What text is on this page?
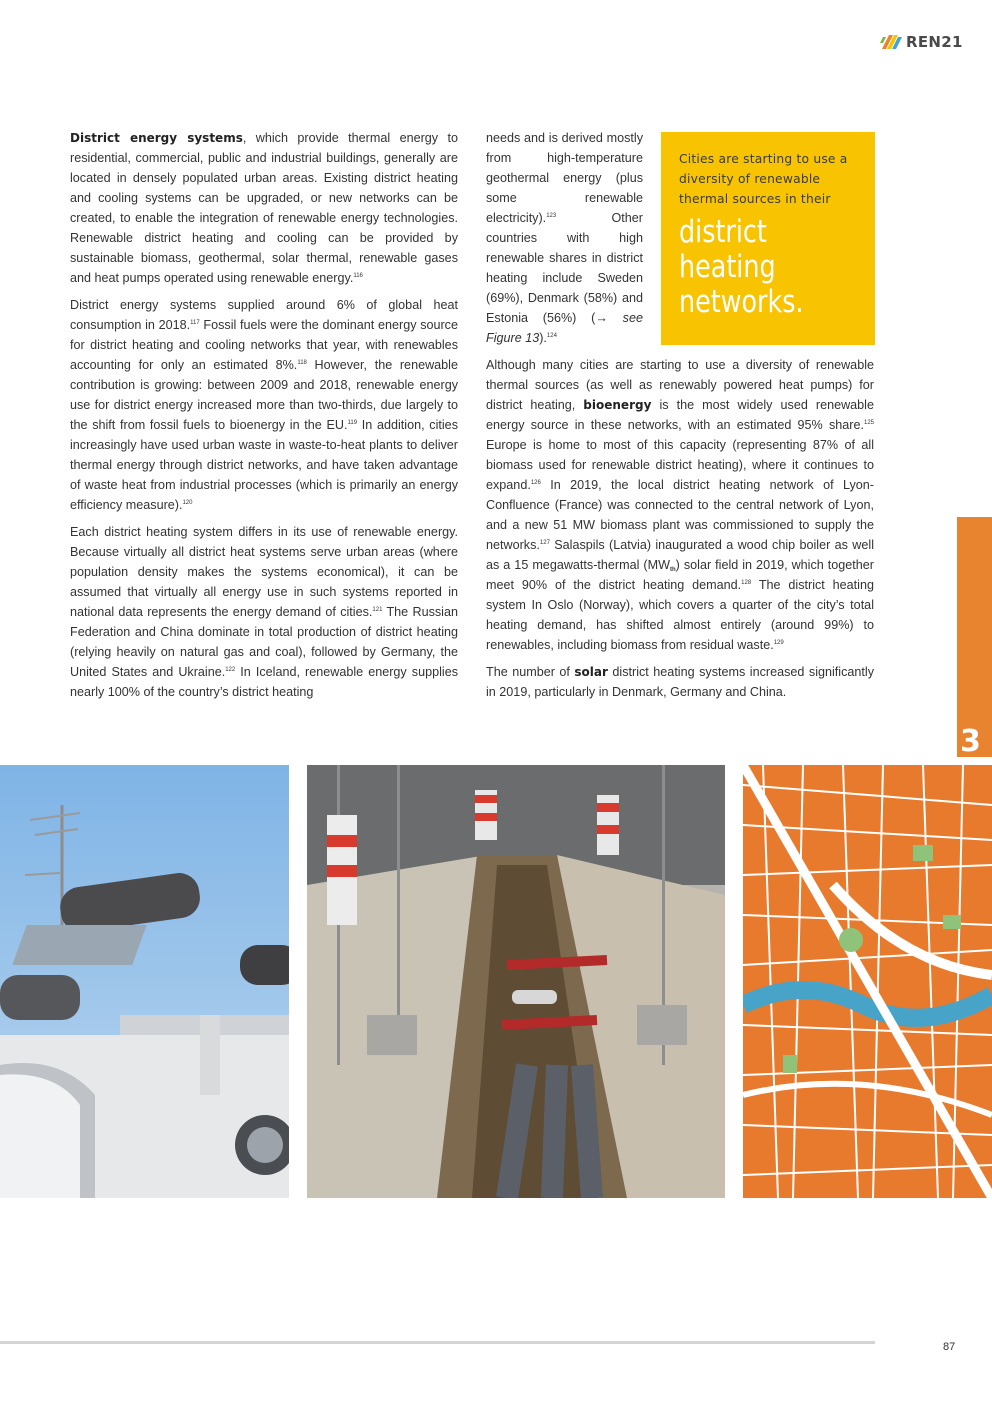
REN21

District energy systems, which provide thermal energy to residential, commercial, public and industrial buildings, generally are located in densely populated urban areas. Existing district heating and cooling systems can be upgraded, or new networks can be created, to enable the integration of renewable energy technologies. Renewable district heating and cooling can be provided by sustainable biomass, geothermal, solar thermal, renewable gases and heat pumps operated using renewable energy.$^{116}$

District energy systems supplied around 6% of global heat consumption in 2018.$^{117}$ Fossil fuels were the dominant energy source for district heating and cooling networks that year, with renewables accounting for only an estimated 8%.$^{118}$ However, the renewable contribution is growing: between 2009 and 2018, renewable energy use for district energy increased more than two-thirds, due largely to the shift from fossil fuels to bioenergy in the EU.$^{119}$ In addition, cities increasingly have used urban waste in waste-to-heat plants to deliver thermal energy through district networks, and have taken advantage of waste heat from industrial processes (which is primarily an energy efficiency measure).$^{120}$

Each district heating system differs in its use of renewable energy. Because virtually all district heat systems serve urban areas (where population density makes the systems economical), it can be assumed that virtually all energy use in such systems reported in national data represents the energy demand of cities.$^{121}$ The Russian Federation and China dominate in total production of district heating (relying heavily on natural gas and coal), followed by Germany, the United States and Ukraine.$^{122}$ In Iceland, renewable energy supplies nearly 100% of the country’s district heating

needs and is derived mostly from high-temperature geothermal energy (plus some renewable electricity).$^{123}$ Other countries with high renewable shares in district heating include Sweden (69%), Denmark (58%) and Estonia (56%) (→ see Figure 13).$^{124}$

Cities are starting to use a diversity of renewable thermal sources in their
district
heating
networks.

Although many cities are starting to use a diversity of renewable thermal sources (as well as renewably powered heat pumps) for district heating, bioenergy is the most widely used renewable energy source in these networks, with an estimated 95% share.$^{125}$ Europe is home to most of this capacity (representing 87% of all biomass used for renewable district heating), where it continues to expand.$^{126}$ In 2019, the local district heating network of Lyon-Confluence (France) was connected to the central network of Lyon, and a new 51 MW biomass plant was commissioned to supply the networks.$^{127}$ Salaspils (Latvia) inaugurated a wood chip boiler as well as a 15 megawatts-thermal $(MW_{th})$ solar field in 2019, which together meet 90% of the district heating demand.$^{128}$ The district heating system In Oslo (Norway), which covers a quarter of the city’s total heating demand, has shifted almost entirely (around 99%) to renewables, including biomass from residual waste.$^{129}$

The number of solar district heating systems increased significantly in 2019, particularly in Denmark, Germany and China.

3
87
